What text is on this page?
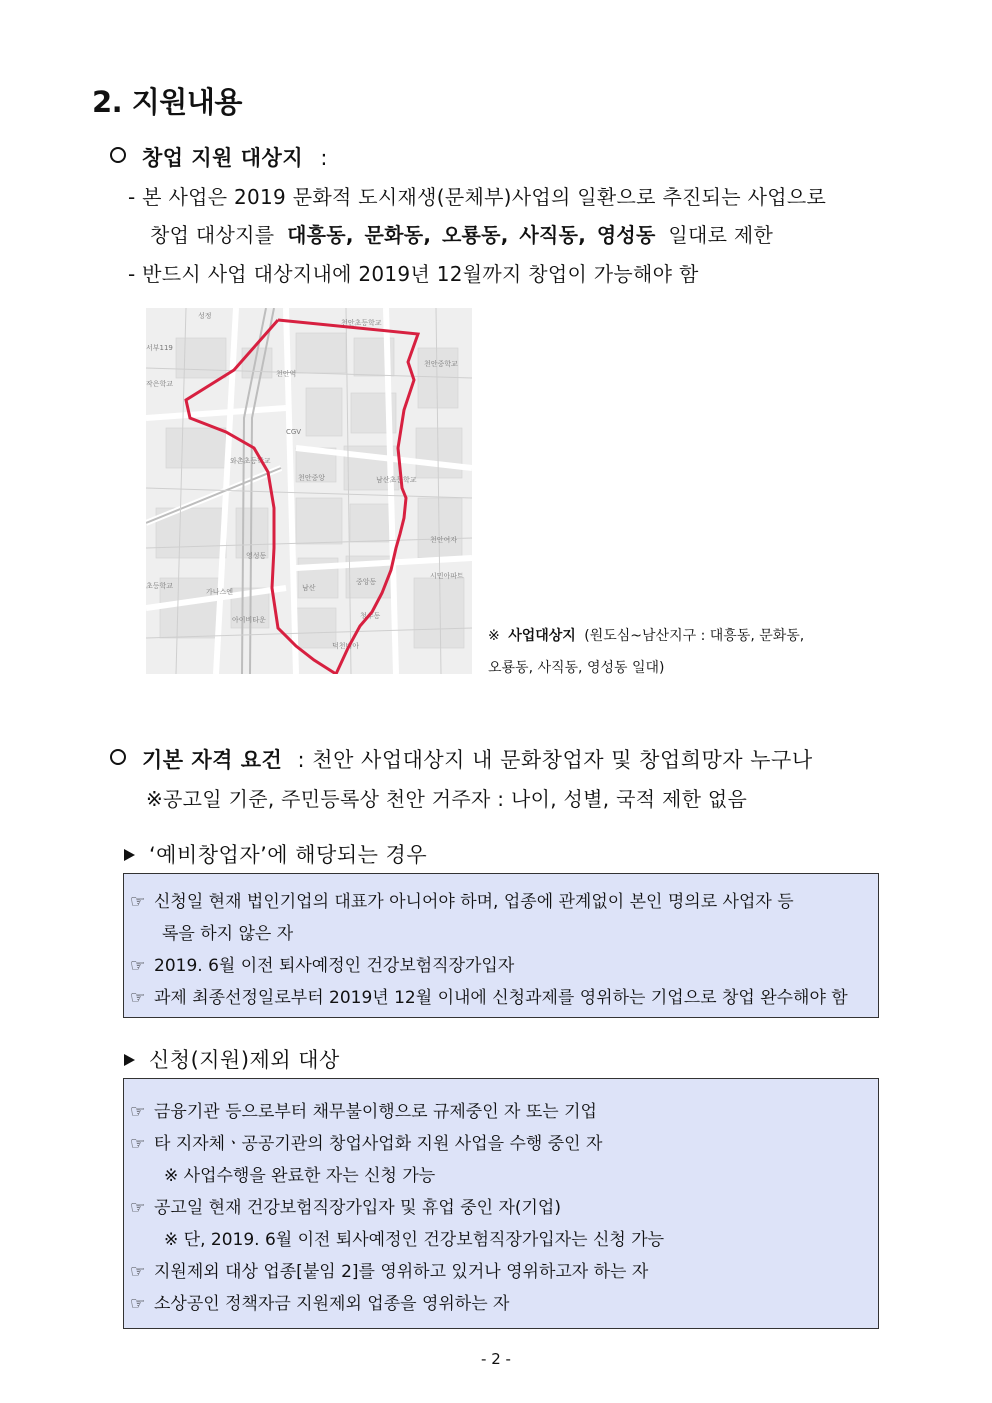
2. 지원내용
창업 지원 대상지 :
- 본 사업은 2019 문화적 도시재생(문체부)사업의 일환으로 추진되는 사업으로
창업 대상지를 대흥동, 문화동, 오룡동, 사직동, 영성동 일대로 제한
- 반드시 사업 대상지내에 2019년 12월까지 창업이 가능해야 함
성정
천안초등학교
서부119
천안역
천안중학교
작은학교
CGV
와촌초등학교
천안중앙	남산초등학교
천안여자
시민아파트
남산
중앙동
가나스엔
아이비타운	청수동
덕천비아
초등학교
영성동
※ 사업대상지 (원도심~남산지구 : 대흥동, 문화동,
오룡동, 사직동, 영성동 일대)
기본 자격 요건 : 천안 사업대상지 내 문화창업자 및 창업희망자 누구나
※공고일 기준, 주민등록상 천안 거주자 : 나이, 성별, 국적 제한 없음
‘예비창업자’에 해당되는 경우
☞ 신청일 현재 법인기업의 대표가 아니어야 하며, 업종에 관계없이 본인 명의로 사업자 등
록을 하지 않은 자
☞ 2019. 6월 이전 퇴사예정인 건강보험직장가입자
☞ 과제 최종선정일로부터 2019년 12월 이내에 신청과제를 영위하는 기업으로 창업 완수해야 함
신청(지원)제외 대상
☞ 금융기관 등으로부터 채무불이행으로 규제중인 자 또는 기업
☞ 타 지자체ㆍ공공기관의 창업사업화 지원 사업을 수행 중인 자
※ 사업수행을 완료한 자는 신청 가능
☞ 공고일 현재 건강보험직장가입자 및 휴업 중인 자(기업)
※ 단, 2019. 6월 이전 퇴사예정인 건강보험직장가입자는 신청 가능
☞ 지원제외 대상 업종[붙임 2]를 영위하고 있거나 영위하고자 하는 자
☞ 소상공인 정책자금 지원제외 업종을 영위하는 자
- 2 -
